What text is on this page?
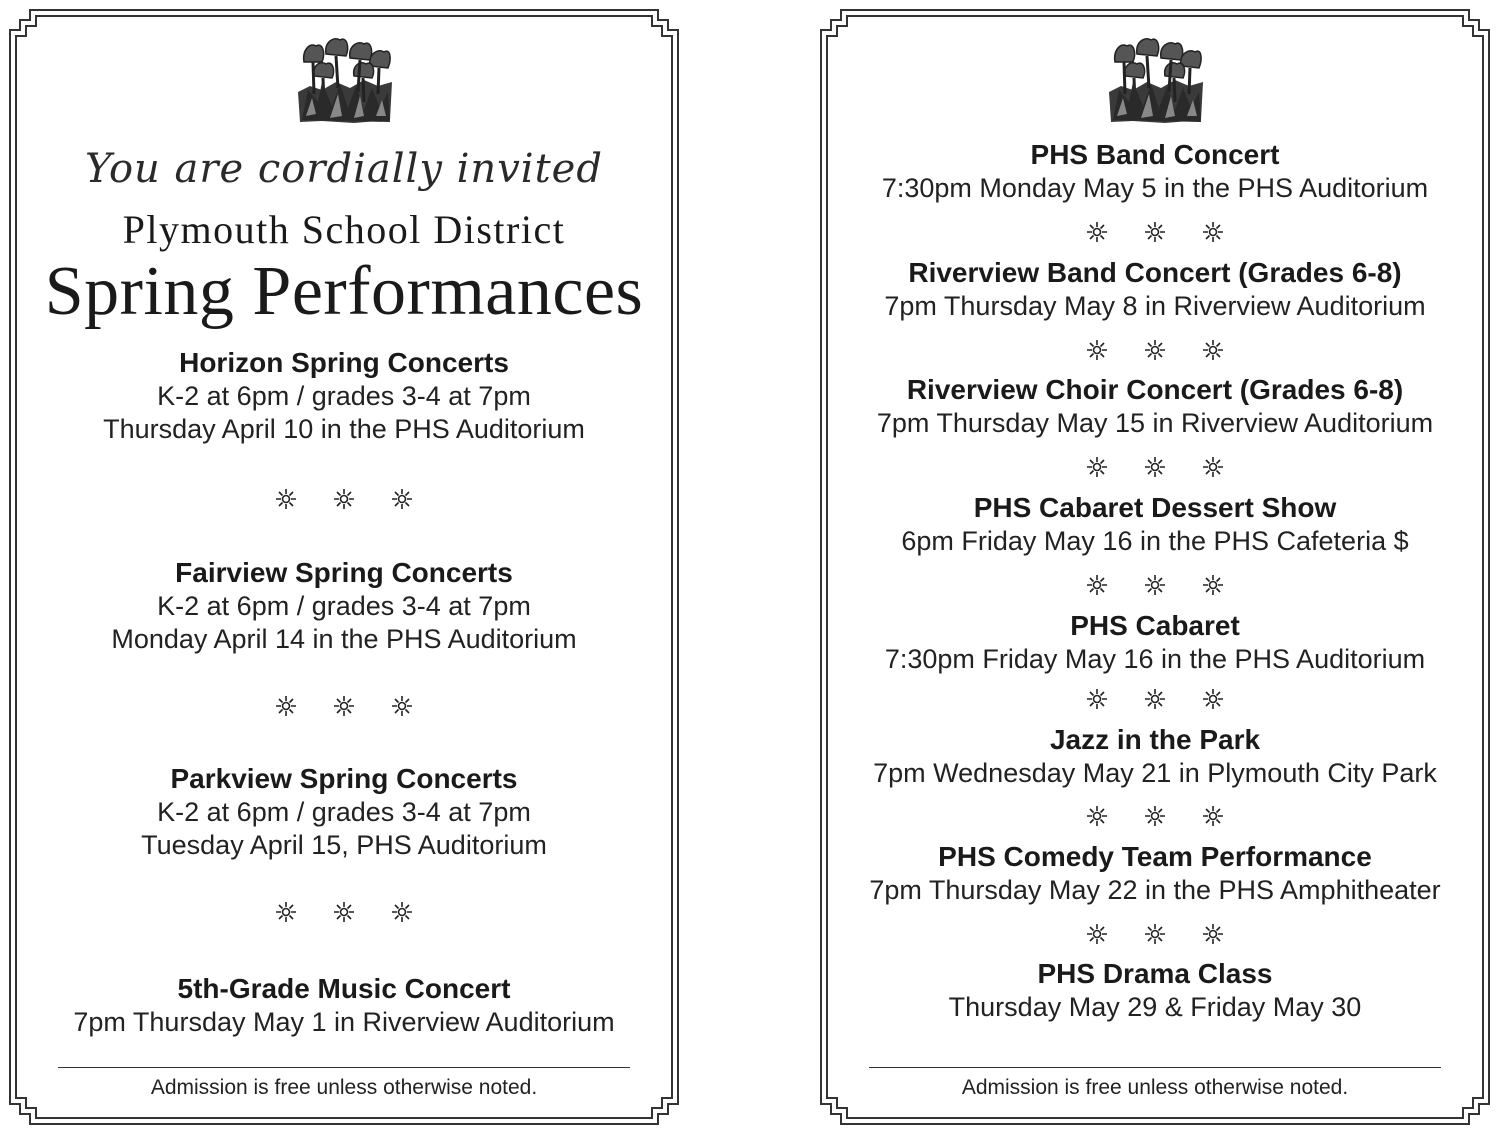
You are cordially invited
Plymouth School District
Spring Performances
Horizon Spring Concerts
K-2 at 6pm / grades 3-4 at 7pm
Thursday April 10 in the PHS Auditorium
Fairview Spring Concerts
K-2 at 6pm / grades 3-4 at 7pm
Monday April 14 in the PHS Auditorium
Parkview Spring Concerts
K-2 at 6pm / grades 3-4 at 7pm
Tuesday April 15, PHS Auditorium
5th-Grade Music Concert
7pm Thursday May 1 in Riverview Auditorium
Admission is free unless otherwise noted.
PHS Band Concert
7:30pm Monday May 5 in the PHS Auditorium
Riverview Band Concert (Grades 6-8)
7pm Thursday May 8 in Riverview Auditorium
Riverview Choir Concert (Grades 6-8)
7pm Thursday May 15 in Riverview Auditorium
PHS Cabaret Dessert Show
6pm Friday May 16 in the PHS Cafeteria $
PHS Cabaret
7:30pm Friday May 16 in the PHS Auditorium
Jazz in the Park
7pm Wednesday May 21 in Plymouth City Park
PHS Comedy Team Performance
7pm Thursday May 22 in the PHS Amphitheater
PHS Drama Class
Thursday May 29 & Friday May 30
Admission is free unless otherwise noted.
